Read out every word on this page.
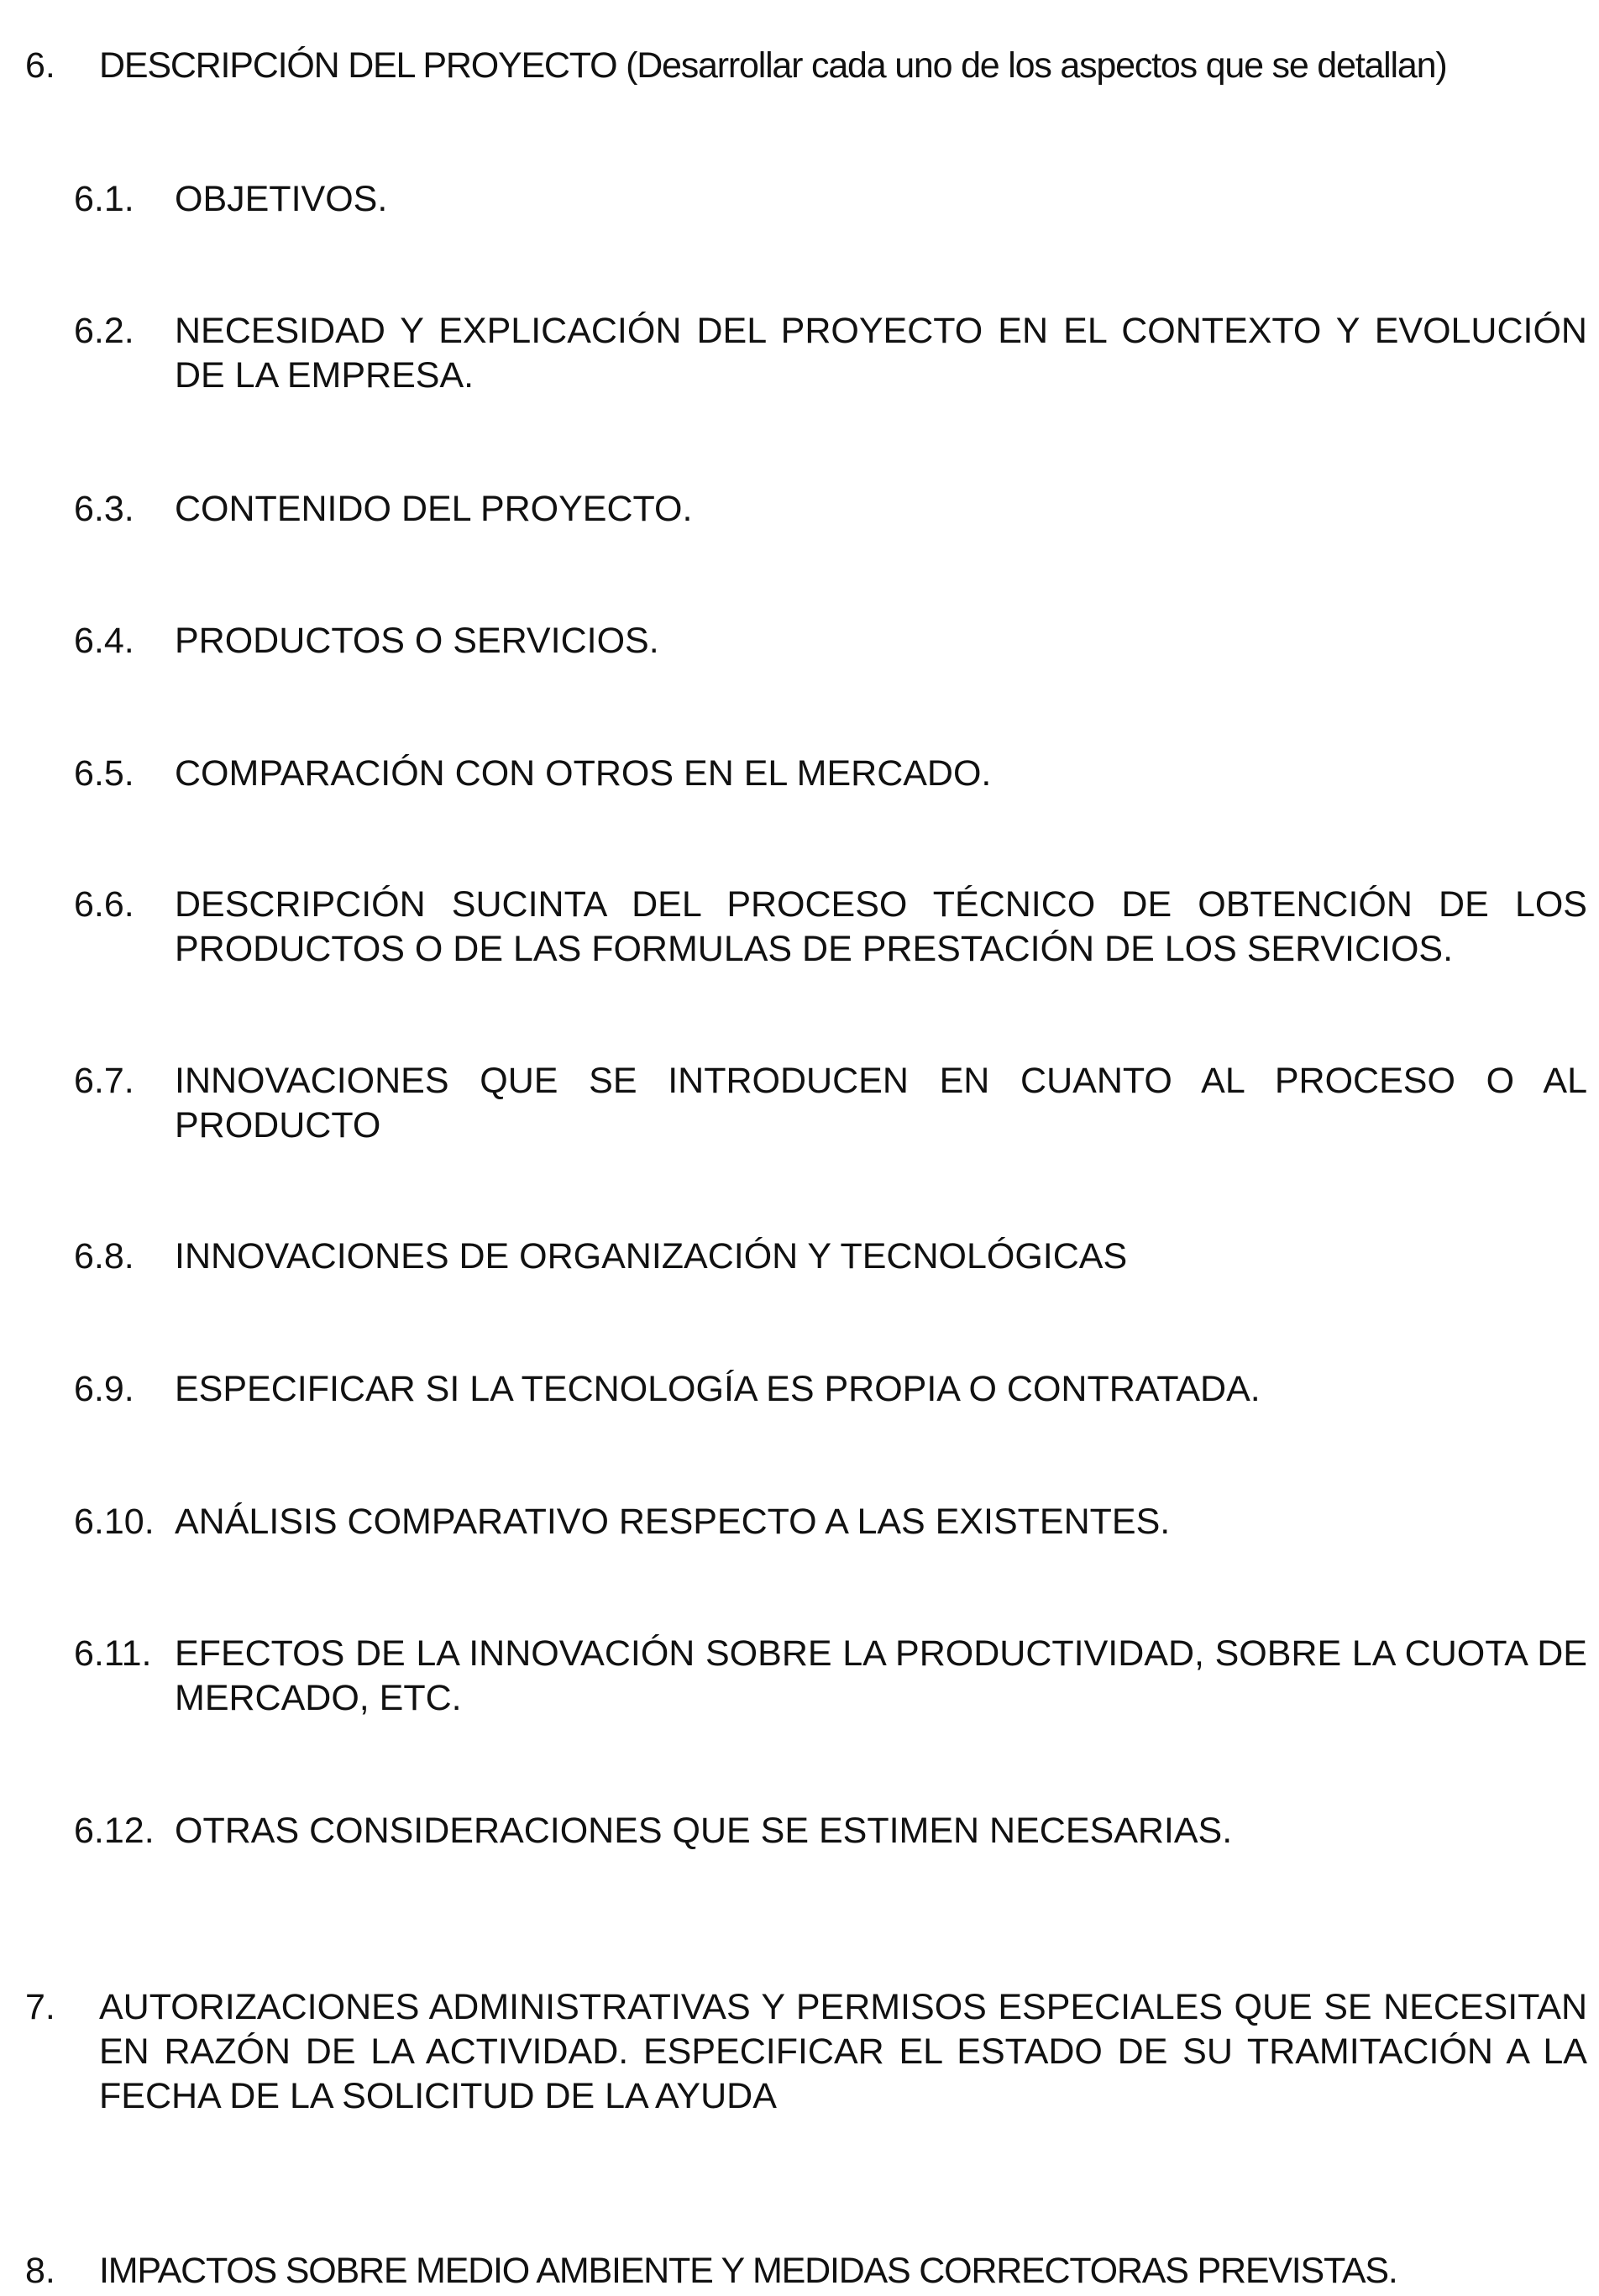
6.	DESCRIPCIÓN DEL PROYECTO (Desarrollar cada uno de los aspectos que se detallan)
6.1.	OBJETIVOS.
6.2.	NECESIDAD Y EXPLICACIÓN DEL PROYECTO EN EL CONTEXTO Y EVOLUCIÓN DE LA EMPRESA.
6.3.	CONTENIDO DEL PROYECTO.
6.4.	PRODUCTOS O SERVICIOS.
6.5.	COMPARACIÓN CON OTROS EN EL MERCADO.
6.6.	DESCRIPCIÓN SUCINTA DEL PROCESO TÉCNICO DE OBTENCIÓN DE LOS PRODUCTOS O DE LAS FORMULAS DE PRESTACIÓN DE LOS SERVICIOS.
6.7.	INNOVACIONES QUE SE INTRODUCEN EN CUANTO AL PROCESO O AL PRODUCTO
6.8.	INNOVACIONES DE ORGANIZACIÓN Y TECNOLÓGICAS
6.9.	ESPECIFICAR SI LA TECNOLOGÍA ES PROPIA O CONTRATADA.
6.10. ANÁLISIS COMPARATIVO RESPECTO A LAS EXISTENTES.
6.11. EFECTOS DE LA INNOVACIÓN SOBRE LA PRODUCTIVIDAD, SOBRE LA CUOTA DE MERCADO, ETC.
6.12. OTRAS CONSIDERACIONES QUE SE ESTIMEN NECESARIAS.
7.	AUTORIZACIONES ADMINISTRATIVAS Y PERMISOS ESPECIALES QUE SE NECESITAN EN RAZÓN DE LA ACTIVIDAD. ESPECIFICAR EL ESTADO DE SU TRAMITACIÓN A LA FECHA DE LA SOLICITUD DE LA AYUDA
8.	IMPACTOS SOBRE MEDIO AMBIENTE Y MEDIDAS CORRECTORAS PREVISTAS.
